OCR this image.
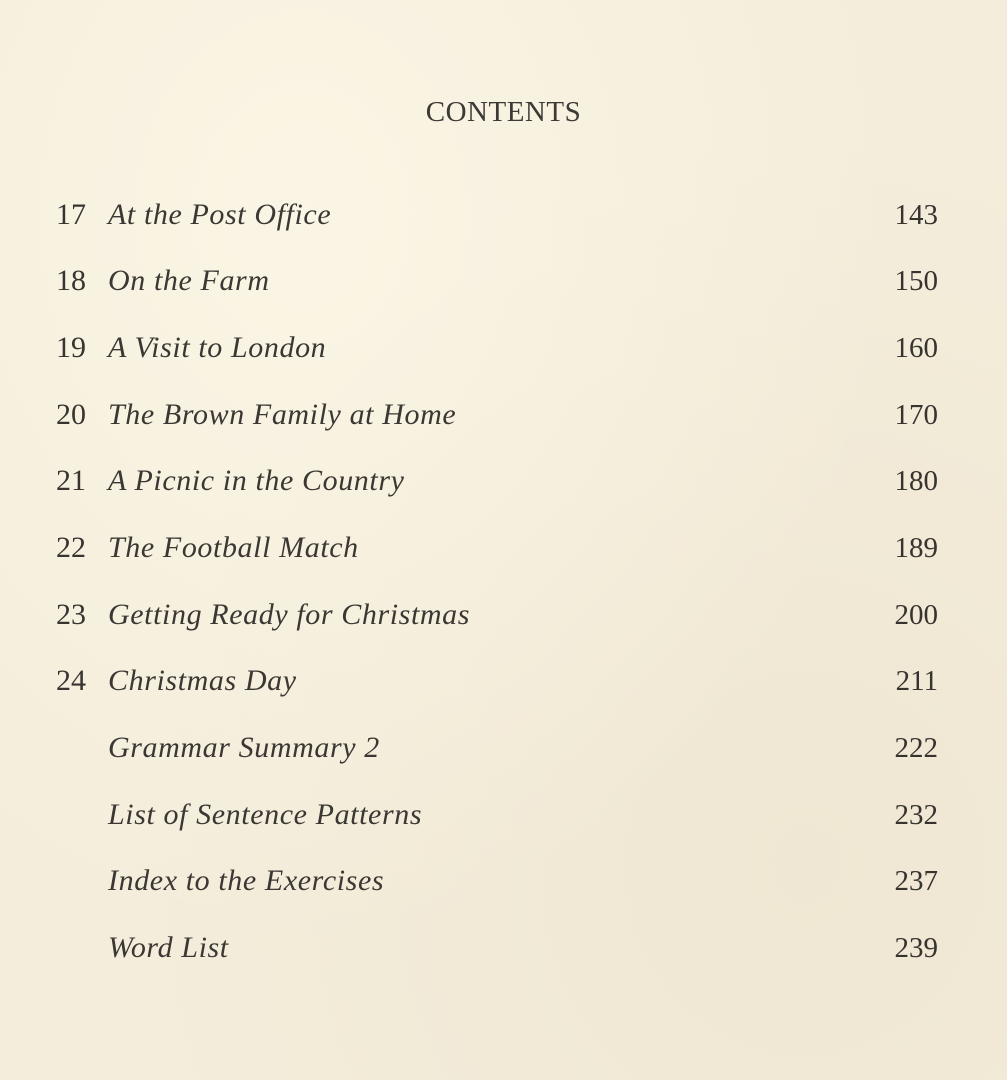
CONTENTS
17 At the Post Office	143
18 On the Farm	150
19 A Visit to London	160
20 The Brown Family at Home	170
21 A Picnic in the Country	180
22 The Football Match	189
23 Getting Ready for Christmas	200
24 Christmas Day	211
Grammar Summary 2	222
List of Sentence Patterns	232
Index to the Exercises	237
Word List	239
